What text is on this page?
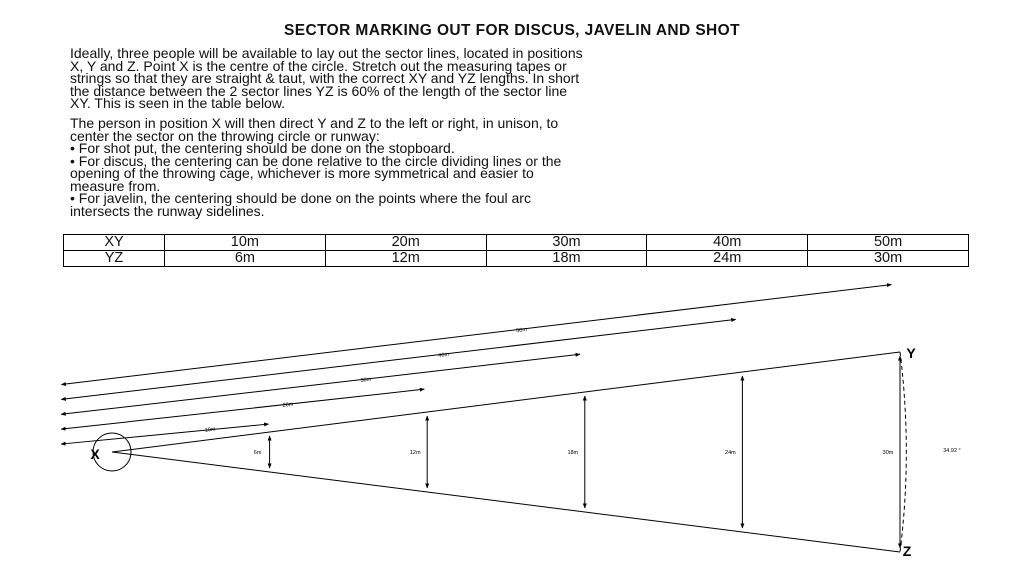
SECTOR MARKING OUT FOR DISCUS, JAVELIN AND SHOT
Ideally, three people will be available to lay out the sector lines, located in positions
X, Y and Z. Point X is the centre of the circle. Stretch out the measuring tapes or
strings so that they are straight & taut, with the correct XY and YZ lengths. In short
the distance between the 2 sector lines YZ is 60% of the length of the sector line
XY. This is seen in the table below.
The person in position X will then direct Y and Z to the left or right, in unison, to
center the sector on the throwing circle or runway:
• For shot put, the centering should be done on the stopboard.
• For discus, the centering can be done relative to the circle dividing lines or the
opening of the throwing cage, whichever is more symmetrical and easier to
measure from.
• For javelin, the centering should be done on the points where the foul arc
intersects the runway sidelines.
XY	10m	20m	30m	40m	50m
YZ	6m	12m	18m	24m	30m
10m
6m
20m
12m
30m
18m
40m
24m
50m
30m
X
Y
Z
34.92 °
